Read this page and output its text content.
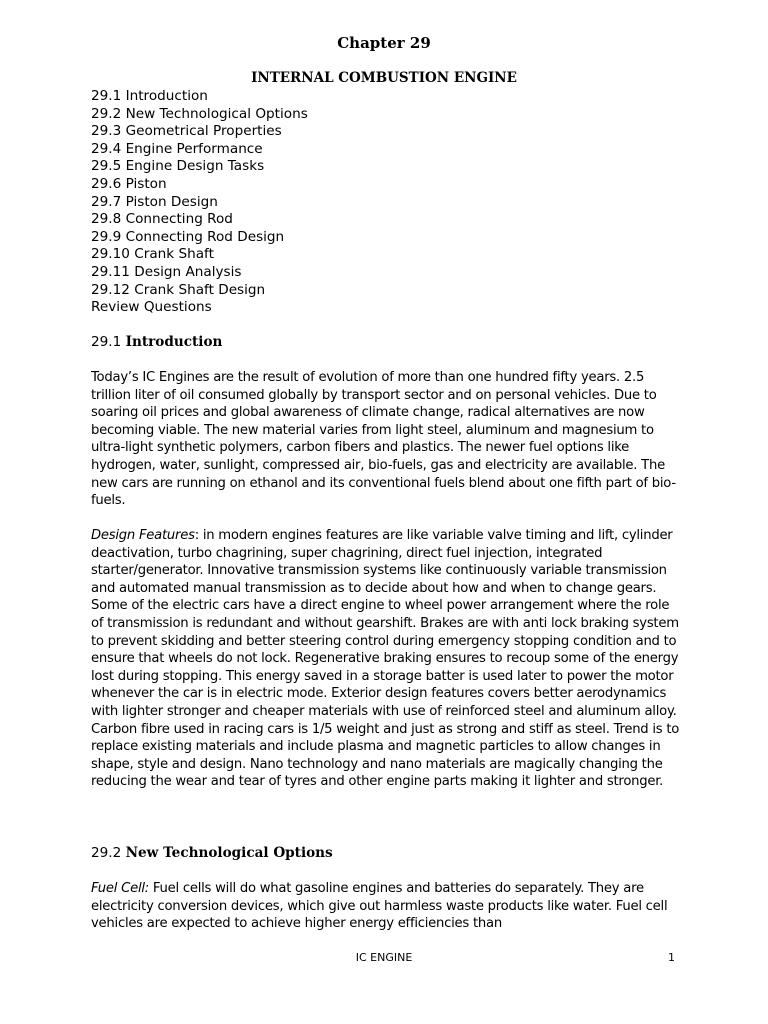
Chapter 29
INTERNAL COMBUSTION ENGINE
29.1 Introduction
29.2 New Technological Options
29.3 Geometrical Properties
29.4 Engine Performance
29.5 Engine Design Tasks
29.6 Piston
29.7 Piston Design
29.8 Connecting Rod
29.9 Connecting Rod Design
29.10 Crank Shaft
29.11 Design Analysis
29.12 Crank Shaft Design
Review Questions
29.1 Introduction

Today’s IC Engines are the result of evolution of more than one hundred fifty years. 2.5 trillion liter of oil consumed globally by transport sector and on personal vehicles. Due to soaring oil prices and global awareness of climate change, radical alternatives are now becoming viable. The new material varies from light steel, aluminum and magnesium to ultra-light synthetic polymers, carbon fibers and plastics. The newer fuel options like hydrogen, water, sunlight, compressed air, bio-fuels, gas and electricity are available. The new cars are running on ethanol and its conventional fuels blend about one fifth part of bio-fuels.

Design Features: in modern engines features are like variable valve timing and lift, cylinder deactivation, turbo chagrining, super chagrining, direct fuel injection, integrated starter/generator. Innovative transmission systems like continuously variable transmission and automated manual transmission as to decide about how and when to change gears. Some of the electric cars have a direct engine to wheel power arrangement where the role of transmission is redundant and without gearshift. Brakes are with anti lock braking system to prevent skidding and better steering control during emergency stopping condition and to ensure that wheels do not lock. Regenerative braking ensures to recoup some of the energy lost during stopping. This energy saved in a storage batter is used later to power the motor whenever the car is in electric mode. Exterior design features covers better aerodynamics with lighter stronger and cheaper materials with use of reinforced steel and aluminum alloy. Carbon fibre used in racing cars is 1/5 weight and just as strong and stiff as steel. Trend is to replace existing materials and include plasma and magnetic particles to allow changes in shape, style and design. Nano technology and nano materials are magically changing the reducing the wear and tear of tyres and other engine parts making it lighter and stronger.

29.2 New Technological Options

Fuel Cell: Fuel cells will do what gasoline engines and batteries do separately. They are electricity conversion devices, which give out harmless waste products like water. Fuel cell vehicles are expected to achieve higher energy efficiencies than

IC ENGINE	1
